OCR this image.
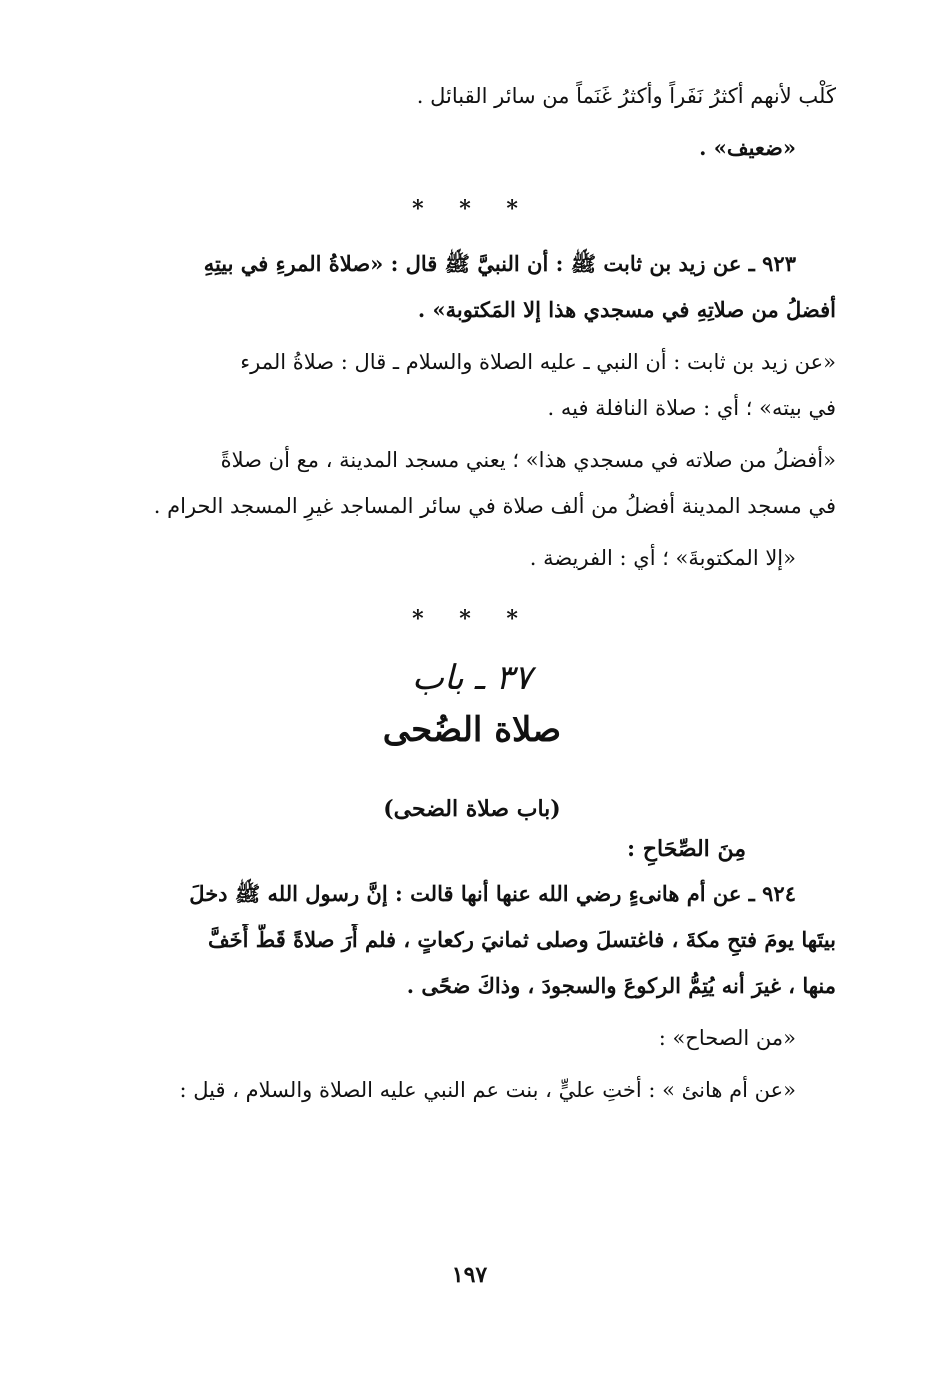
كَلْب لأنهم أكثرُ نَفَراً وأكثرُ غَنَماً من سائر القبائل .

«ضعيف» .

* * *

٩٢٣ ـ عن زيد بن ثابت ﷺ : أن النبيَّ ﷺ قال : «صلاةُ المرءِ في بيتِهِ

أفضلُ من صلاتِهِ في مسجدي هذا إلا المَكتوبة» .

«عن زيد بن ثابت : أن النبي ـ عليه الصلاة والسلام ـ قال : صلاةُ المرء

في بيته» ؛ أي : صلاة النافلة فيه .

«أفضلُ من صلاته في مسجدي هذا» ؛ يعني مسجد المدينة ، مع أن صلاةً

في مسجد المدينة أفضلُ من ألف صلاة في سائر المساجد غيرِ المسجد الحرام .

«إلا المكتوبةَ» ؛ أي : الفريضة .

* * *
٣٧ ـ باب
صلاة الضُحى
(باب صلاة الضحى)
مِنَ الصِّحَاحِ :

٩٢٤ ـ عن أم هانىءٍ رضي الله عنها أنها قالت : إنَّ رسول الله ﷺ دخلَ

بيتَها يومَ فتحِ مكةَ ، فاغتسلَ وصلى ثمانيَ ركعاتٍ ، فلم أَرَ صلاةً قَطُّ أَخَفَّ

منها ، غيرَ أنه يُتِمُّ الركوعَ والسجودَ ، وذاكَ ضحًى .

«من الصحاح» :

«عن أم هانئ » : أختِ عليٍّ ، بنت عم النبي عليه الصلاة والسلام ، قيل :

١٩٧
